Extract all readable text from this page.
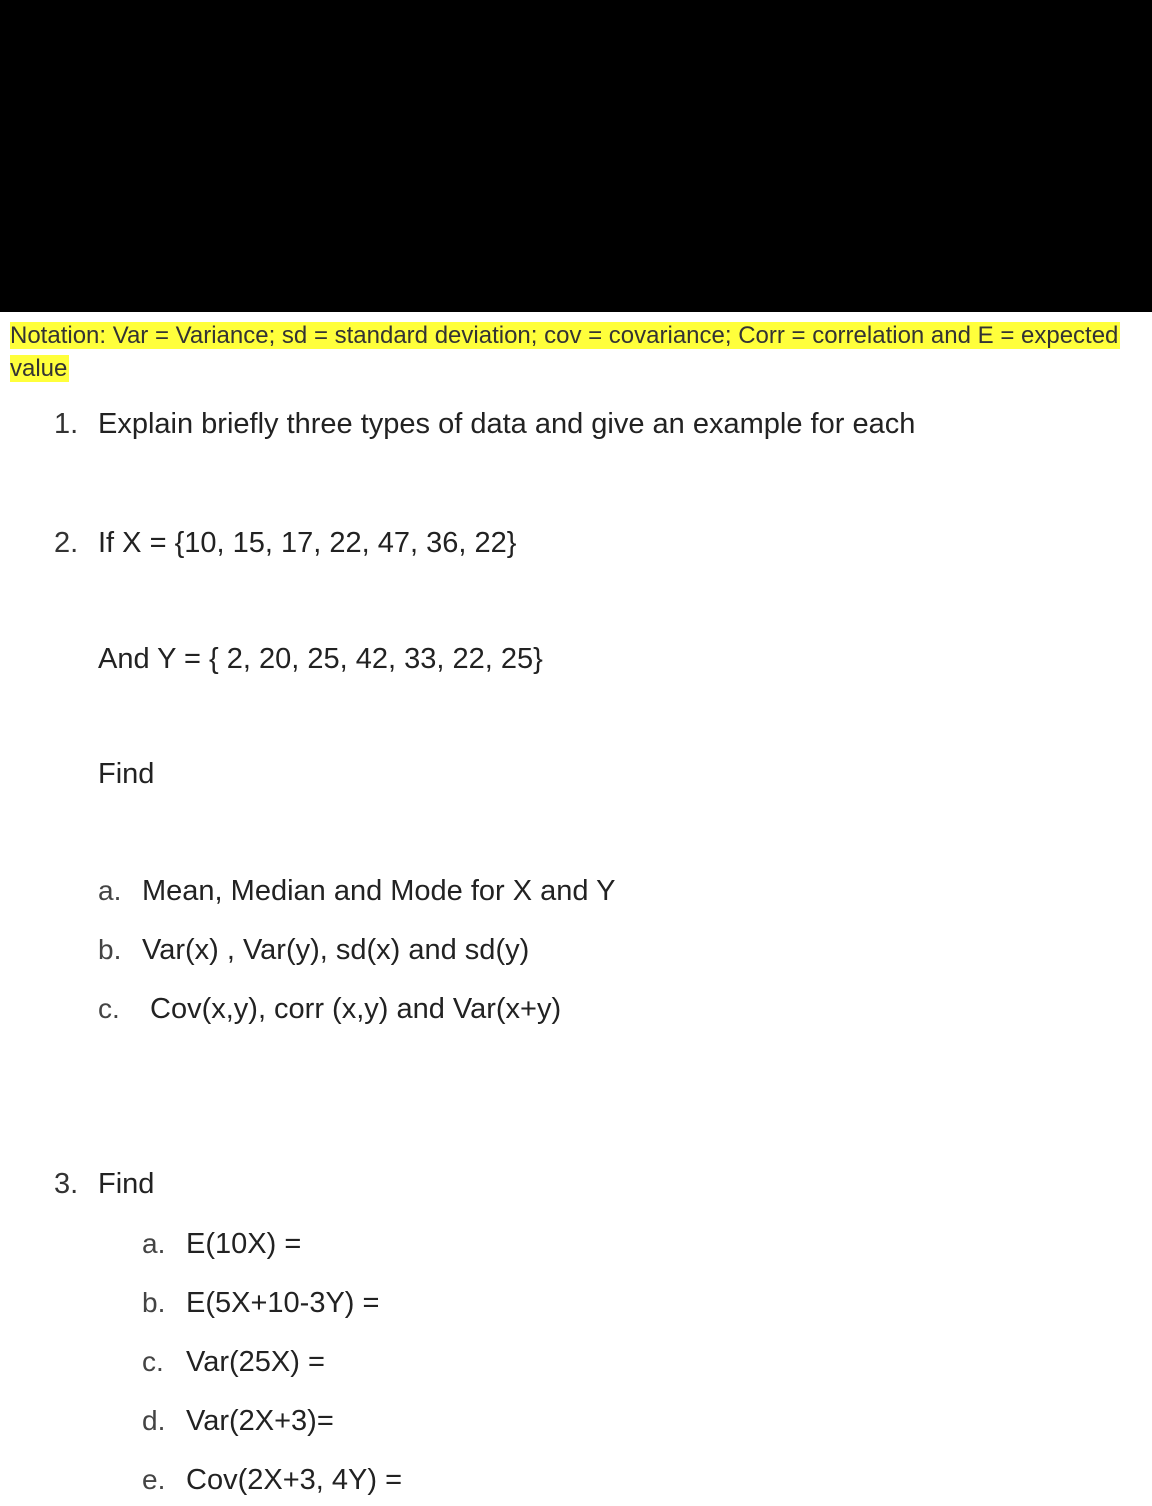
Notation: Var = Variance; sd = standard deviation; cov = covariance; Corr = correlation and E = expected value
1. Explain briefly three types of data and give an example for each
2. If X = {10, 15, 17, 22, 47, 36, 22}
And Y = { 2, 20, 25, 42, 33, 22, 25}
Find
a. Mean, Median and Mode for X and Y
b. Var(x) , Var(y), sd(x) and sd(y)
c. Cov(x,y), corr (x,y) and Var(x+y)
3. Find
a. E(10X) =
b. E(5X+10-3Y) =
c. Var(25X) =
d. Var(2X+3)=
e. Cov(2X+3, 4Y) =
